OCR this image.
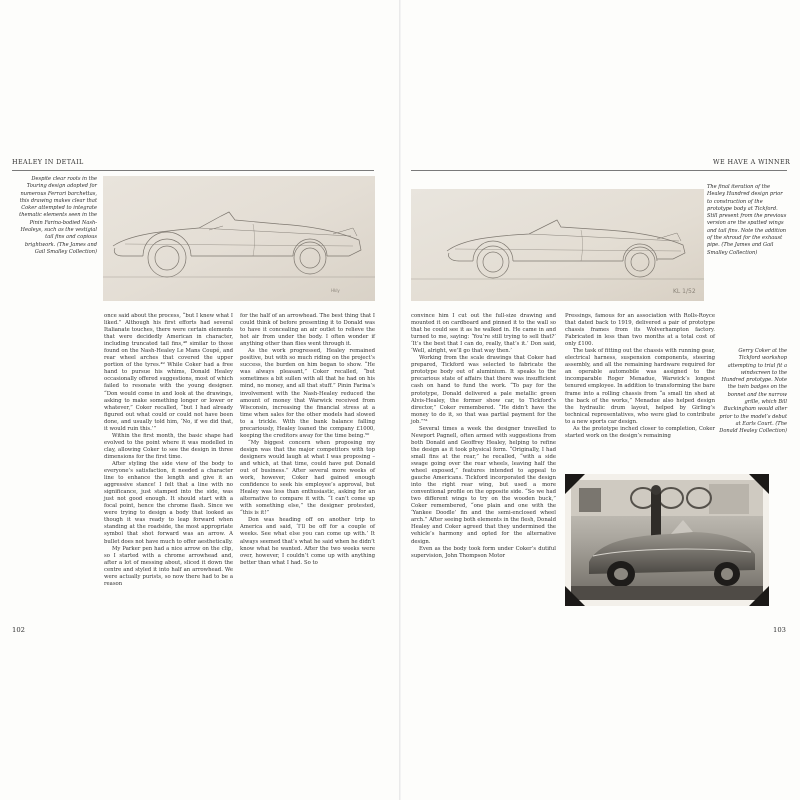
HEALEY IN DETAIL
Despite clear roots in the Touring design adopted for numerous Ferrari barchettas, this drawing makes clear that Coker attempted to integrate thematic elements seen in the Pinin Farina-bodied Nash-Healeys, such as the vestigial tail fins and copious brightwork. (The James and Gail Smalley Collection)
Hkly

once said about the process, “but I knew what I liked.” Although his first efforts had several Italianate touches, there were certain elements that were decidedly American in character, including truncated tail fins,⁴⁸ similar to those found on the Nash-Healey Le Mans Coupé, and rear wheel arches that covered the upper portion of the tyres.⁴⁹ While Coker had a free hand to pursue his whims, Donald Healey occasionally offered suggestions, most of which failed to resonate with the young designer. “Don would come in and look at the drawings, asking to make something longer or lower or whatever,” Coker recalled, “but I had already figured out what could or could not have been done, and usually told him, ‘No, if we did that, it would ruin this.’”

Within the first month, the basic shape had evolved to the point where it was modelled in clay, allowing Coker to see the design in three dimensions for the first time.

After styling the side view of the body to everyone’s satisfaction, it needed a character line to enhance the length and give it an aggressive stance! I felt that a line with no significance, just stamped into the side, was just not good enough. It should start with a focal point, hence the chrome flash. Since we were trying to design a body that looked as though it was ready to leap forward when standing at the roadside, the most appropriate symbol that shot forward was an arrow. A bullet does not have much to offer aesthetically.

My Parker pen had a nice arrow on the clip, so I started with a chrome arrowhead and, after a lot of messing about, sliced it down the centre and styled it into half an arrowhead. We were actually purists, so now there had to be a reason

for the half of an arrowhead. The best thing that I could think of before presenting it to Donald was to have it concealing an air outlet to relieve the hot air from under the body. I often wonder if anything other than flies went through it.

As the work progressed, Healey remained positive, but with so much riding on the project’s success, the burden on him began to show. “He was always pleasant,” Coker recalled, “but sometimes a bit sullen with all that he had on his mind, no money, and all that stuff.” Pinin Farina’s involvement with the Nash-Healey reduced the amount of money that Warwick received from Wisconsin, increasing the financial stress at a time when sales for the other models had slowed to a trickle. With the bank balance falling precariously, Healey loaned the company £1000, keeping the creditors away for the time being.⁵⁰

“My biggest concern when proposing my design was that the major competitors with top designers would laugh at what I was proposing – and which, at that time, could have put Donald out of business.” After several more weeks of work, however, Coker had gained enough confidence to seek his employee’s approval, but Healey was less than enthusiastic, asking for an alternative to compare it with. “I can’t come up with something else,” the designer protested, “this is it!”

Don was heading off on another trip to America and said, ‘I’ll be off for a couple of weeks. See what else you can come up with.’ It always seemed that’s what he said when he didn’t know what he wanted. After the two weeks were over, however, I couldn’t come up with anything better than what I had. So to

102
WE HAVE A WINNER
KL 1/52
The final iteration of the Healey Hundred design prior to construction of the prototype body at Tickford. Still present from the previous version are the spatted wings and tail fins. Note the addition of the shroud for the exhaust pipe. (The James and Gail Smalley Collection)

convince him I cut out the full-size drawing and mounted it on cardboard and pinned it to the wall so that he could see it as he walked in. He came in and turned to me, saying: ‘You’re still trying to sell that?’ ‘It’s the best that I can do, really, that’s it.’ Don said, ‘Well, alright, we’ll go that way then.’

Working from the scale drawings that Coker had prepared, Tickford was selected to fabricate the prototype body out of aluminium. It speaks to the precarious state of affairs that there was insufficient cash on hand to fund the work. “To pay for the prototype, Donald delivered a pale metallic green Alvis-Healey, the former show car, to Tickford’s director,” Coker remembered. “He didn’t have the money to do it, so that was partial payment for the job.”⁵¹

Several times a week the designer travelled to Newport Pagnell, often armed with suggestions from both Donald and Geoffrey Healey, helping to refine the design as it took physical form. “Originally, I had small fins at the rear,” he recalled, “with a side swage going over the rear wheels, leaving half the wheel exposed,” features intended to appeal to gauche Americans. Tickford incorporated the design into the right rear wing, but used a more conventional profile on the opposite side. “So we had two different wings to try on the wooden buck,” Coker remembered, “one plain and one with the ‘Yankee Doodle’ fin and the semi-enclosed wheel arch.” After seeing both elements in the flesh, Donald Healey and Coker agreed that they undermined the vehicle’s harmony and opted for the alternative design.

Even as the body took form under Coker’s dutiful supervision, John Thompson Motor

Pressings, famous for an association with Rolls-Royce that dated back to 1919, delivered a pair of prototype chassis frames from its Wolverhampton factory. Fabricated in less than two months at a total cost of only £100.

The task of fitting out the chassis with running gear, electrical harness, suspension components, steering assembly, and all the remaining hardware required for an operable automobile was assigned to the incomparable Roger Menadue, Warwick’s longest tenured employee. In addition to transforming the bare frame into a rolling chassis from “a small tin shed at the back of the works,” Menadue also helped design the hydraulic drum layout, helped by Girling’s technical representatives, who were glad to contribute to a new sports car design.

As the prototype inched closer to completion, Coker started work on the design’s remaining

Gerry Coker at the Tickford workshop attempting to trial fit a windscreen to the Hundred prototype. Note the twin badges on the bonnet and the narrow grille, which Bill Buckingham would alter prior to the model’s debut at Earls Court. (The Donald Healey Collection)
103
